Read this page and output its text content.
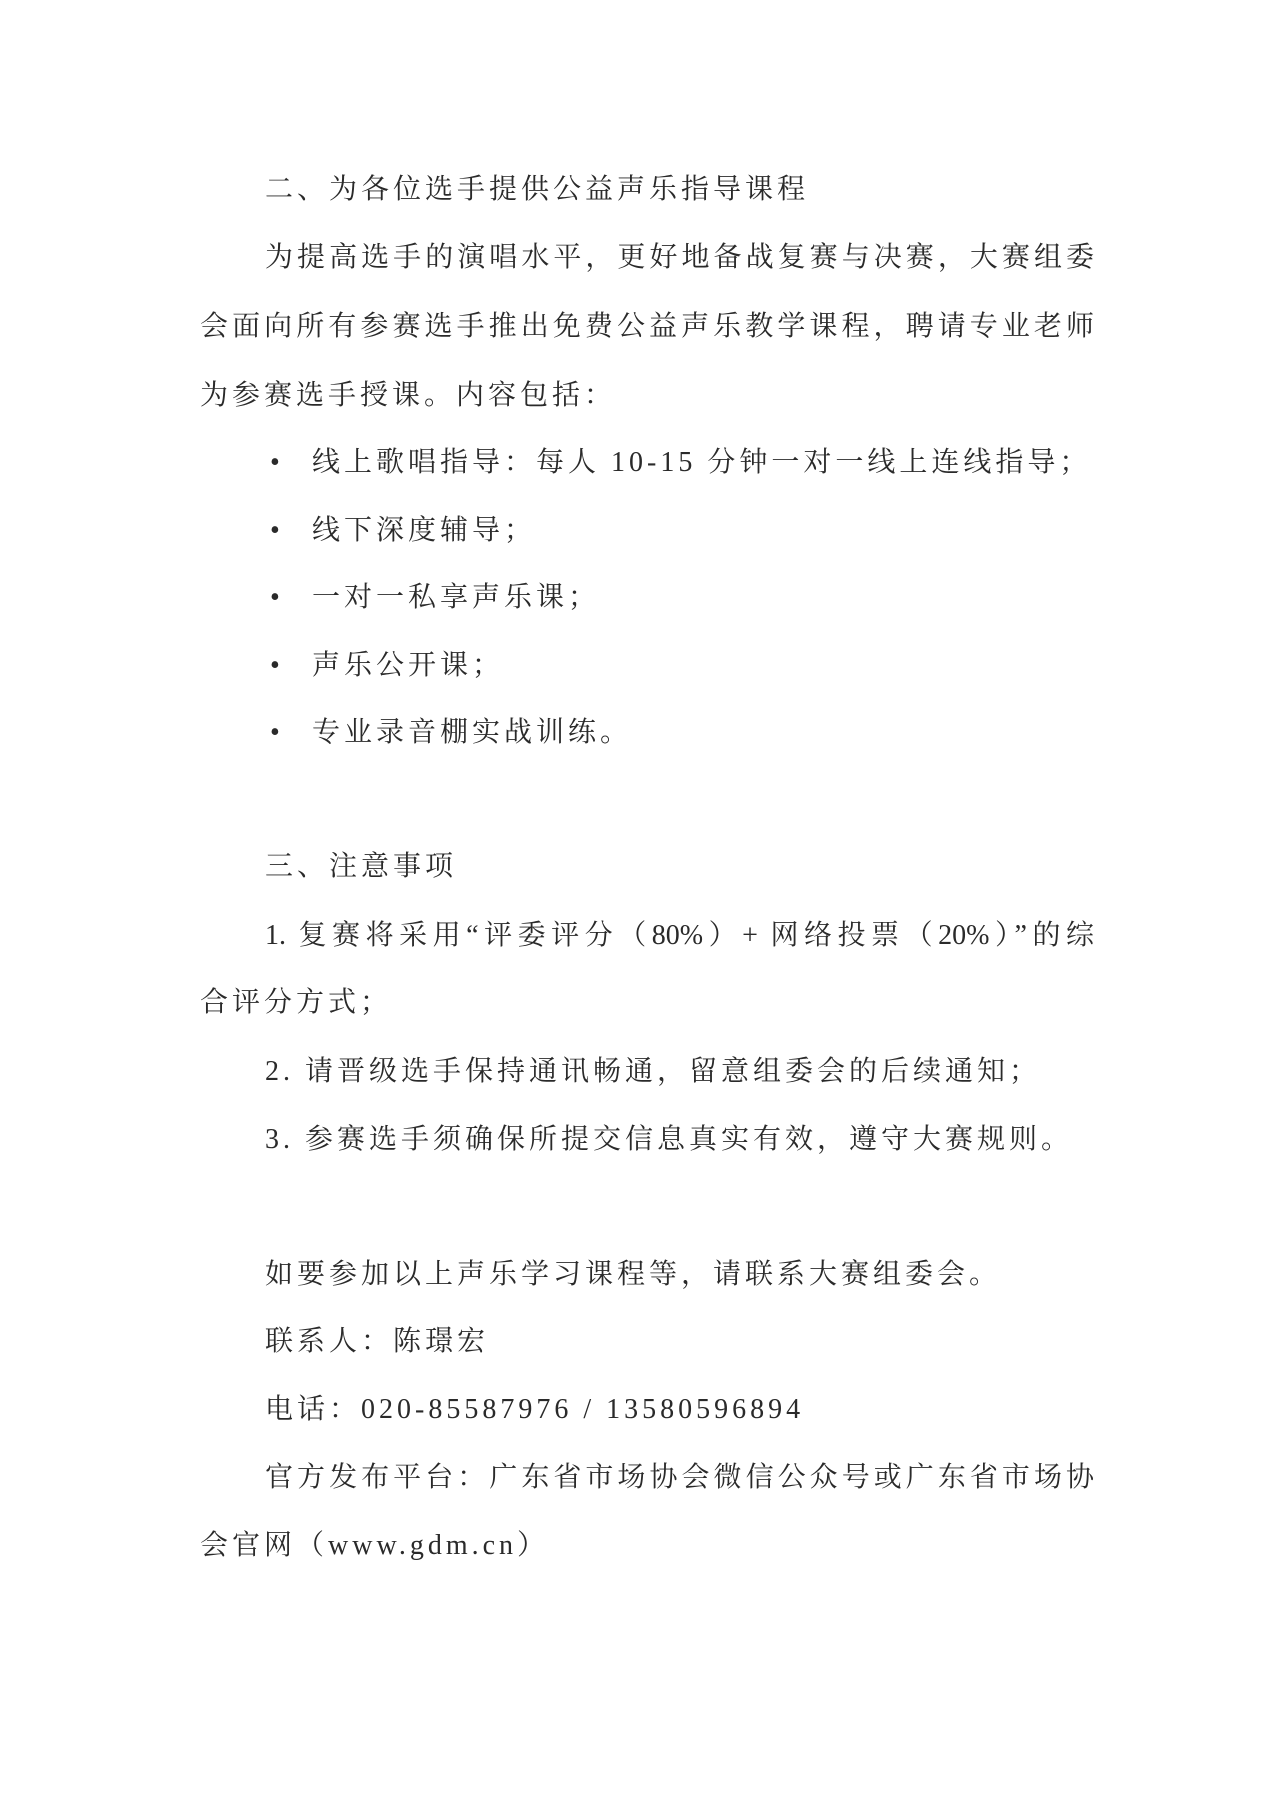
二、为各位选手提供公益声乐指导课程
为提高选手的演唱水平，更好地备战复赛与决赛，大赛组委
会面向所有参赛选手推出免费公益声乐教学课程，聘请专业老师
为参赛选手授课。内容包括：
• 线上歌唱指导：每人 10-15 分钟一对一线上连线指导；
• 线下深度辅导；
• 一对一私享声乐课；
• 声乐公开课；
• 专业录音棚实战训练。
三、注意事项
1. 复赛将采用“评委评分（80%）+ 网络投票（20%）”的综
合评分方式；
2. 请晋级选手保持通讯畅通，留意组委会的后续通知；
3. 参赛选手须确保所提交信息真实有效，遵守大赛规则。
如要参加以上声乐学习课程等，请联系大赛组委会。
联系人：陈璟宏
电话：020-85587976 / 13580596894
官方发布平台：广东省市场协会微信公众号或广东省市场协
会官网（www.gdm.cn）
